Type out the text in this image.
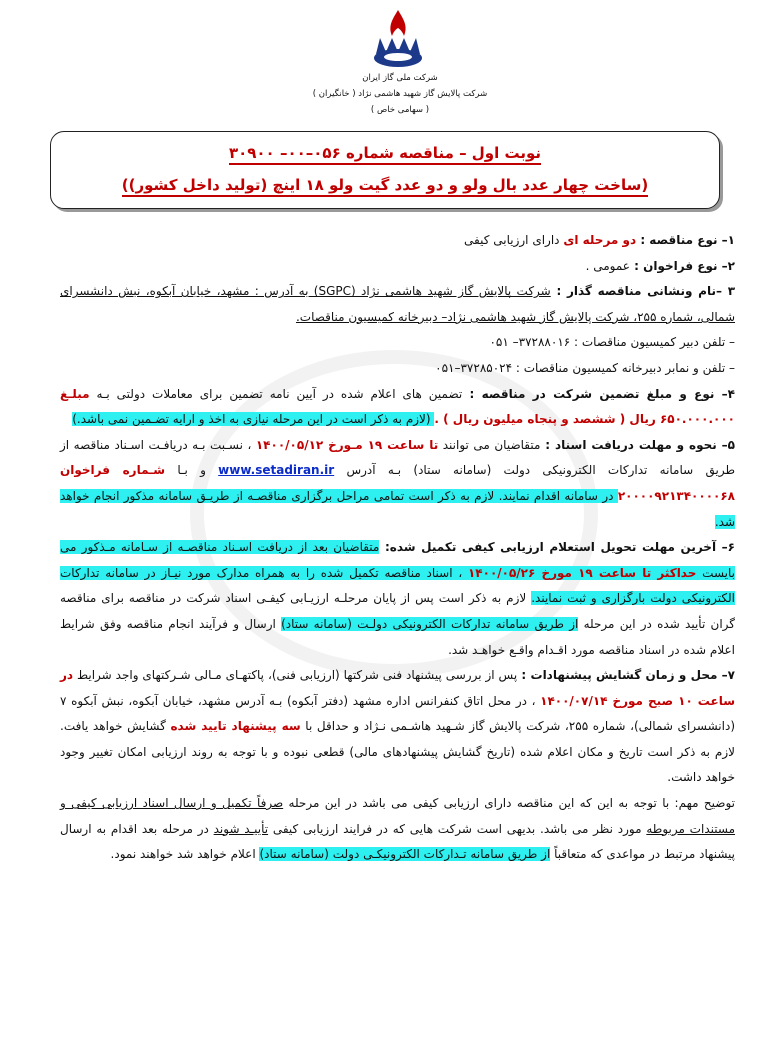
شرکت ملی گاز ایران
شرکت پالایش گاز شهید هاشمی نژاد ( خانگیران )
( سهامی خاص )
نوبت اول – مناقصه شماره ۰۵۶–۰۰– ۳۰۹۰۰
(ساخت چهار عدد بال ولو و دو عدد گیت ولو ۱۸ اینچ (تولید داخل کشور))

۱– نوع مناقصه : دو مرحله ای دارای ارزیابی کیفی

۲– نوع فراخوان : عمومی .

۳ –نام ونشانی مناقصه گذار : شرکت پالایش گاز شهید هاشمی نژاد (SGPC) به آدرس : مشهد، خیابان آبکوه، نبش دانشسرای شمالی، شماره ۲۵۵، شرکت پالایش گاز شهید هاشمی نژاد– دبیرخانه کمیسیون مناقصات.

– تلفن دبیر کمیسیون مناقصات : ۳۷۲۸۸۰۱۶– ۰۵۱

– تلفن و نمابر دبیرخانه کمیسیون مناقصات : ۳۷۲۸۵۰۲۴–۰۵۱

۴– نوع و مبلغ تضمین شرکت در مناقصه : تضمین های اعلام شده در آیین نامه تضمین برای معاملات دولتی بـه مبلـغ ۶۵۰.۰۰۰.۰۰۰ ریال ( ششصد و پنجاه میلیون ریال ) . (لازم به ذکر است در این مرحله نیازی به اخذ و ارایه تضـمین نمی باشد.)

۵– نحوه و مهلت دریافت اسناد : متقاضیان می توانند تا ساعت ۱۹ مـورخ ۱۴۰۰/۰۵/۱۲ ، نسـبت بـه دریافـت اسـناد مناقصه از طریق سامانه تدارکات الکترونیکی دولت (سامانه ستاد) بـه آدرس www.setadiran.ir و بـا شـماره فراخوان ۲۰۰۰۰۹۲۱۳۴۰۰۰۰۶۸ در سامانه اقدام نمایند. لازم به ذکر است تمامی مراحل برگزاری مناقصـه از طریـق سامانه مذکور انجام خواهد شد.

۶– آخرین مهلت تحویل استعلام ارزیابی کیفی تکمیل شده: متقاضیان بعد از دریافت اسـناد مناقصـه از سـامانه مـذکور می بایست حداکثر تا ساعت ۱۹ مورخ ۱۴۰۰/۰۵/۲۶ ، اسناد مناقصه تکمیل شده را به همراه مدارک مورد نیـاز در سامانه تدارکات الکترونیکی دولت بارگزاری و ثبت نمایند. لازم به ذکر است پس از پایان مرحلـه ارزیـابی کیفـی اسناد شرکت در مناقصه برای مناقصه گران تأیید شده در این مرحله از طریق سامانه تدارکات الکترونیکی دولـت (سامانه ستاد) ارسال و فرآیند انجام مناقصه وفق شرایط اعلام شده در اسناد مناقصه مورد اقـدام واقـع خواهـد شد.

۷– محل و زمان گشایش پیشنهادات : پس از بررسی پیشنهاد فنی شرکتها (ارزیابی فنی)، پاکتهـای مـالی شـرکتهای واجد شرایط در ساعت ۱۰ صبح مورخ ۱۴۰۰/۰۷/۱۴ ، در محل اتاق کنفرانس اداره مشهد (دفتر آبکوه) بـه آدرس مشهد، خیابان آبکوه، نبش آبکوه ۷ (دانشسرای شمالی)، شماره ۲۵۵، شرکت پالایش گاز شـهید هاشـمی نـژاد و حداقل با سه پیشنهاد تایید شده گشایش خواهد یافت. لازم به ذکر است تاریخ و مکان اعلام شده (تاریخ گشایش پیشنهادهای مالی) قطعی نبوده و با توجه به روند ارزیابی امکان تغییر وجود خواهد داشت.

توضیح مهم: با توجه به این که این مناقصه دارای ارزیابی کیفی می باشد در این مرحله صرفاً تکمیل و ارسال اسناد ارزیابی کیفی و مستندات مربوطه مورد نظر می باشد. بدیهی است شرکت هایی که در فرایند ارزیابی کیفی تأییـد شوند در مرحله بعد اقدام به ارسال پیشنهاد مرتبط در مواعدی که متعاقباً از طریق سامانه تـدارکات الکترونیکـی دولت (سامانه ستاد) اعلام خواهد شد خواهند نمود.
